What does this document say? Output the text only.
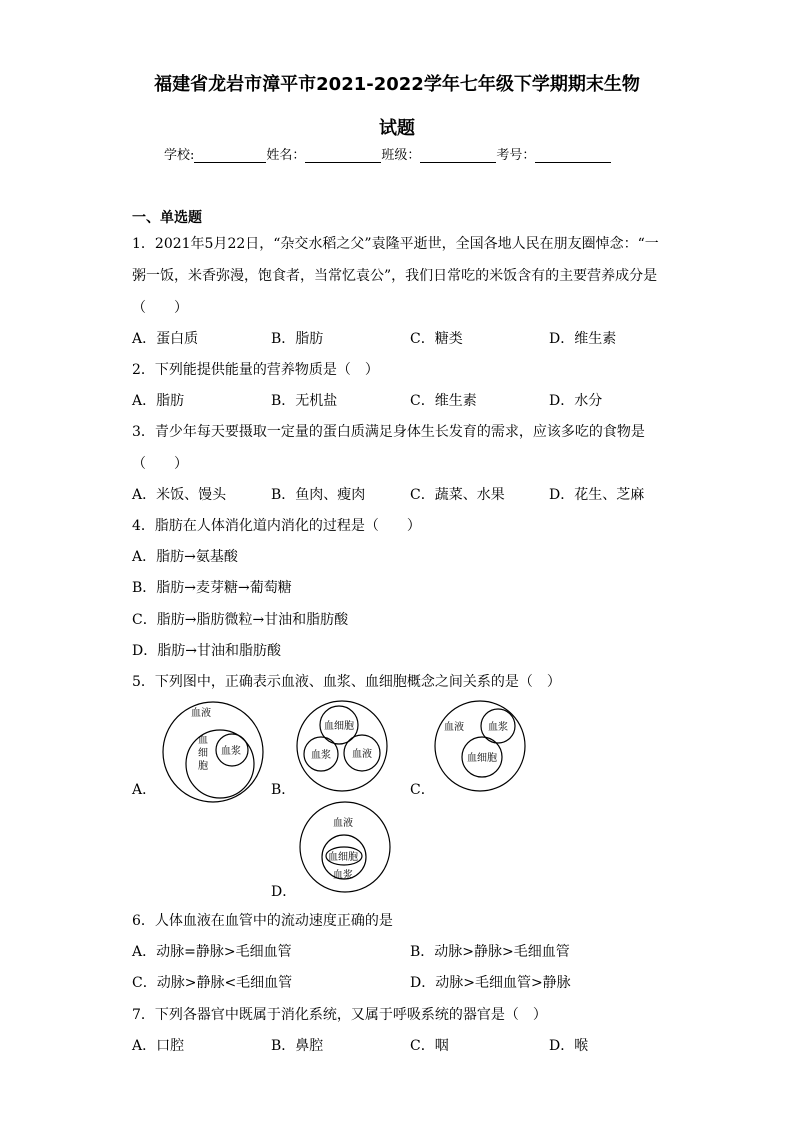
福建省龙岩市漳平市2021-2022学年七年级下学期期末生物
试题
学校:	姓名：	班级：	考号：
一、单选题
1．2021年5月22日，“杂交水稻之父”袁隆平逝世，全国各地人民在朋友圈悼念：“一
粥一饭，米香弥漫，饱食者，当常忆袁公”，我们日常吃的米饭含有的主要营养成分是
（　　）
A．蛋白质	B．脂肪	C．糖类	D．维生素
2．下列能提供能量的营养物质是（　）
A．脂肪	B．无机盐	C．维生素	D．水分
3．青少年每天要摄取一定量的蛋白质满足身体生长发育的需求，应该多吃的食物是
（　　）
A．米饭、馒头	B．鱼肉、瘦肉	C．蔬菜、水果	D．花生、芝麻
4．脂肪在人体消化道内消化的过程是（　　）
A．脂肪→氨基酸
B．脂肪→麦芽糖→葡萄糖
C．脂肪→脂肪微粒→甘油和脂肪酸
D．脂肪→甘油和脂肪酸
5．下列图中，正确表示血液、血浆、血细胞概念之间关系的是（　）
A．
血液
血
细
胞
血浆
B．
血细胞
血浆 血液
C．
血液 血浆
血细胞
D．
血液
血细胞
血浆
6．人体血液在血管中的流动速度正确的是
A．动脉=静脉>毛细血管	B．动脉>静脉>毛细血管
C．动脉>静脉<毛细血管	D．动脉>毛细血管>静脉
7．下列各器官中既属于消化系统，又属于呼吸系统的器官是（　）
A．口腔	B．鼻腔	C．咽	D．喉
